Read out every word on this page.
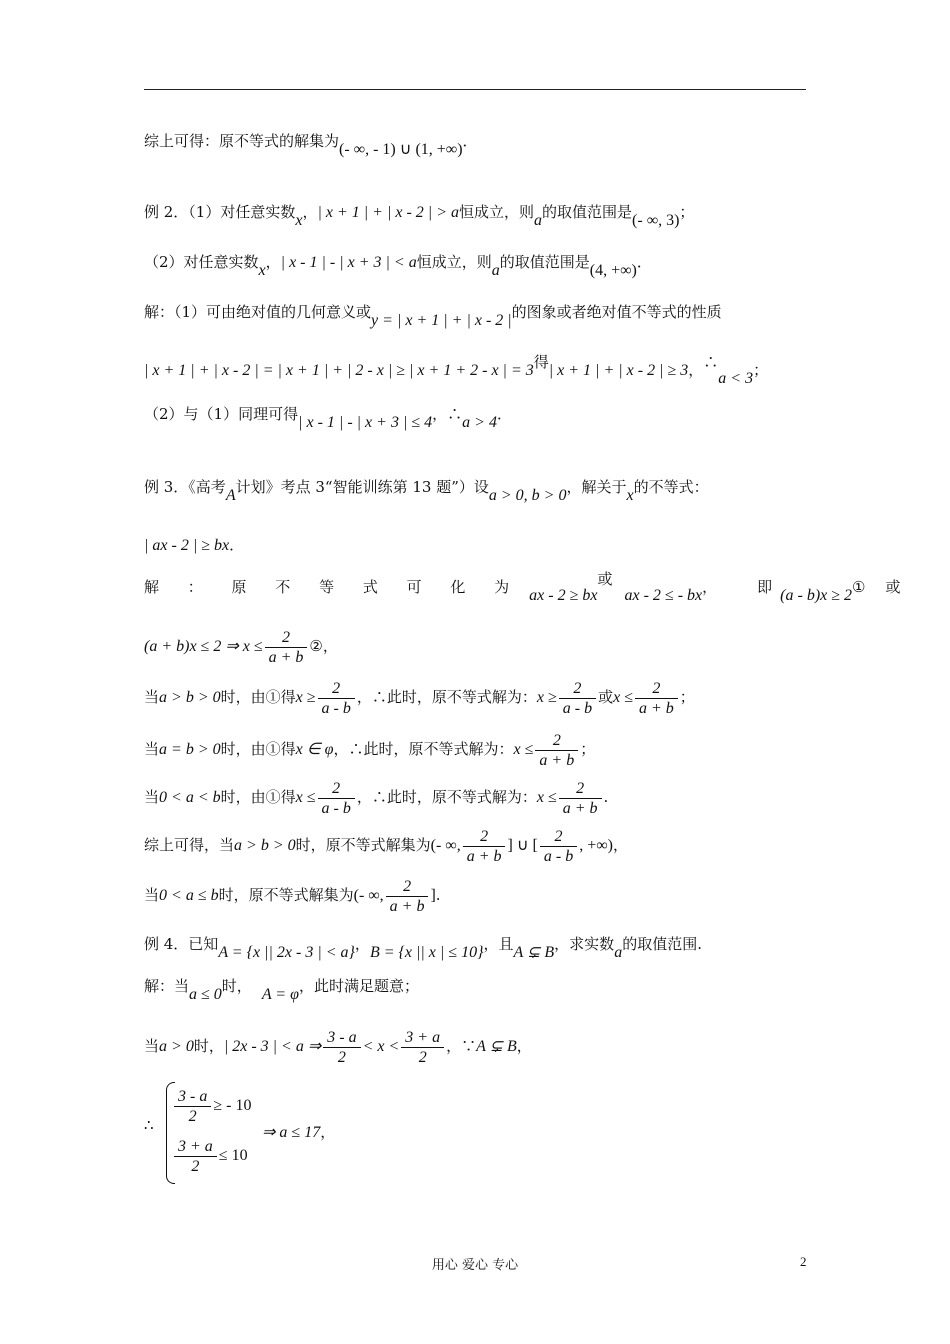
综上可得：原不等式的解集为(- ∞, - 1) ∪ (1, +∞)．
例 2．（1）对任意实数x，| x + 1 | + | x - 2 | > a恒成立，则a的取值范围是(- ∞, 3)；
（2）对任意实数x，| x - 1 | - | x + 3 | < a恒成立，则a的取值范围是(4, +∞)．
解：（1）可由绝对值的几何意义或y = | x + 1 | + | x - 2 |的图象或者绝对值不等式的性质
| x + 1 | + | x - 2 | = | x + 1 | + | 2 - x | ≥ | x + 1 + 2 - x | = 3得| x + 1 | + | x - 2 | ≥ 3，∴a < 3；
（2）与（1）同理可得| x - 1 | - | x + 3 | ≤ 4，∴a > 4．
例 3．《高考A计划》考点 3“智能训练第 13 题”）设a > 0, b > 0，解关于x的不等式：
| ax - 2 | ≥ bx．
解 ： 原 不 等 式 可 化 为 ax - 2 ≥ bx或ax - 2 ≤ - bx，	即 (a - b)x ≥ 2① 或
(a + b)x ≤ 2 ⇒ $x \le \frac{2}{a + b}$ ②，
当a > b > 0时，由①得$x \ge \frac{2}{a - b}$ ，∴此时，原不等式解为：$x \ge \frac{2}{a - b}$ 或$x \le \frac{2}{a + b}$ ；
当a = b > 0时，由①得x ∈ φ，∴此时，原不等式解为：$x \le \frac{2}{a + b}$ ；
当0 < a < b时，由①得$x \le \frac{2}{a - b}$ ，∴此时，原不等式解为：$x \le \frac{2}{a + b}$ .
综上可得，当a > b > 0时，原不等式解集为(- ∞, $\frac{2}{a + b}$ ] ∪ [ $\frac{2}{a - b}$ , +∞)，
当0 < a ≤ b时，原不等式解集为(- ∞, $\frac{2}{a + b}$ ].
例 4．已知A = {x || 2x - 3 | < a}，B = {x || x | ≤ 10}，且A ⊊ B，求实数a的取值范围.
解：当a ≤ 0时， A = φ，此时满足题意；
当a > 0时，| 2x - 3 | < a ⇒ $\frac{3 - a}{2} < x < \frac{3 + a}{2}$ ，∵A ⊊ B，
∴ $\frac{3 - a}{2}$ ≥ - 10
$\frac{3 + a}{2} \le 10$
⇒ a ≤ 17，
用心 爱心 专心	2
